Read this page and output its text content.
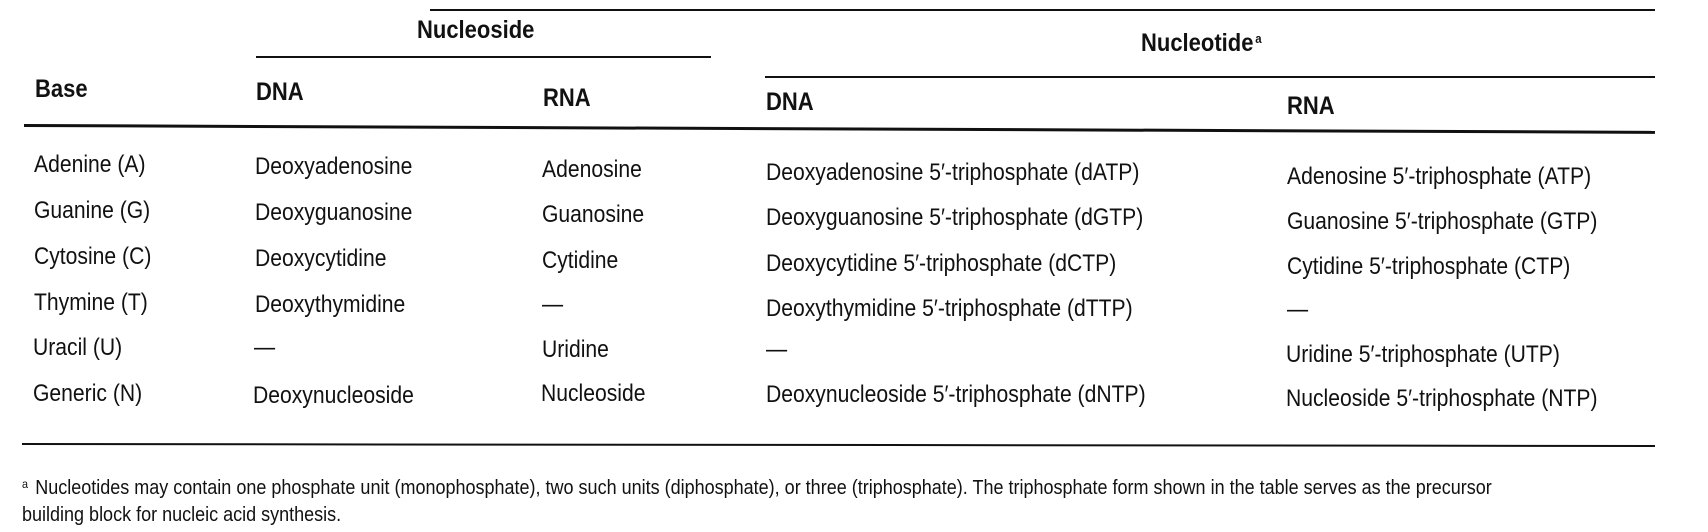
Nucleoside	Nucleotide $^a$
Base	DNA	RNA	DNA	RNA
Adenine (A)	Deoxyadenosine	Adenosine	Deoxyadenosine 5′-triphosphate (dATP)	Adenosine 5′-triphosphate (ATP)
Guanine (G)	Deoxyguanosine	Guanosine	Deoxyguanosine 5′-triphosphate (dGTP)	Guanosine 5′-triphosphate (GTP)
Cytosine (C)	Deoxycytidine	Cytidine	Deoxycytidine 5′-triphosphate (dCTP)	Cytidine 5′-triphosphate (CTP)
Thymine (T)	Deoxythymidine	—	Deoxythymidine 5′-triphosphate (dTTP)	—
Uracil (U)	—	Uridine	—	Uridine 5′-triphosphate (UTP)
Generic (N)	Deoxynucleoside	Nucleoside	Deoxynucleoside 5′-triphosphate (dNTP)	Nucleoside 5′-triphosphate (NTP)
$^a$ Nucleotides may contain one phosphate unit (monophosphate), two such units (diphosphate), or three (triphosphate). The triphosphate form shown in the table serves as the precursor
building block for nucleic acid synthesis.
